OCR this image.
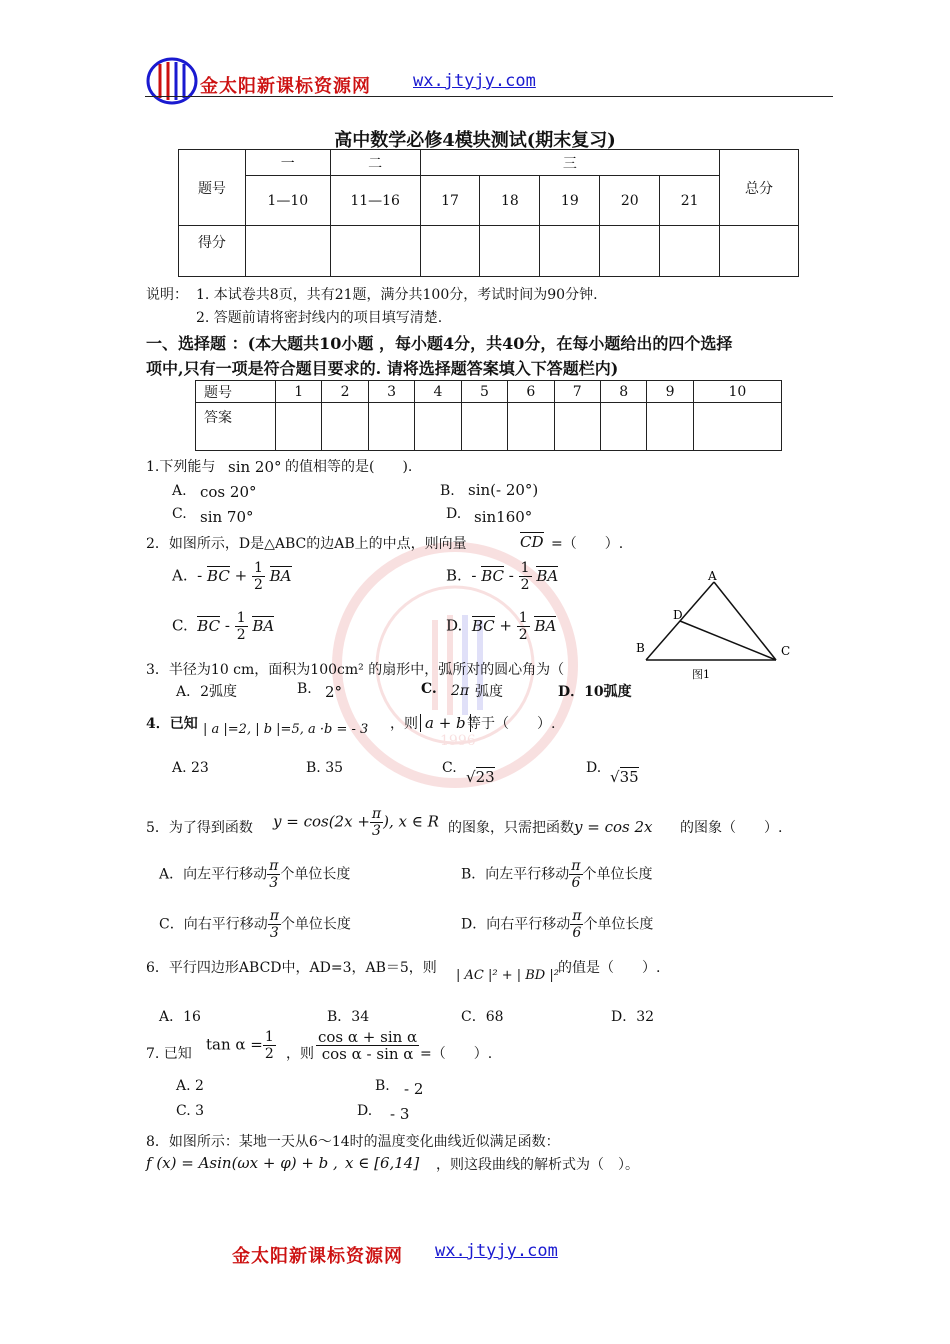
金太阳新课标资源网 wx.jtyjy.com
1996
高中数学必修4模块测试(期末复习)
题号	一	二	三					总分
	1—10	11—16	17	18	19	20	21	
得分								
说明： 1. 本试卷共8页，共有21题，满分共100分，考试时间为90分钟.
2. 答题前请将密封线内的项目填写清楚.
一、选择题 ：(本大题共10小题 ，每小题4分，共40分，在每小题给出的四个选择
项中,只有一项是符合题目要求的. 请将选择题答案填入下答题栏内)
题号	1	2	3	4	5	6	7	8	9	10
答案										
1.下列能与 sin 20° 的值相等的是(　　).
A. cos 20°	B. sin(- 20°)
C. sin 70°	D. sin160°
2．如图所示，D是△ABC的边AB上的中点，则向量	CD =（　　）.
A. - BC + $\frac{1}{2}$ BA	B. - BC - $\frac{1}{2}$ BA
C. BC - $\frac{1}{2}$ BA	D. BC + $\frac{1}{2}$ BA
A
D
B	C
图1
3．半径为10 cm，面积为100cm² 的扇形中，弧所对的圆心角为（
A．2弧度	B. 2°	C. 2π 弧度	D．10弧度
4．已知 | a |=2, | b |=5, a ·b = - 3 ，则 a + b 等于（　　）.
A. 23	B. 35	C. √23	D. √35
5．为了得到函数 $y = \cos(2x + \frac{\pi}{3}$ ), x ∈ R 的图象，只需把函数 y = cos 2x 的图象（　　）.
A．向左平行移动 $\frac{\pi}{3}$ 个单位长度	B．向左平行移动 $\frac{\pi}{6}$ 个单位长度
C．向右平行移动 $\frac{\pi}{3}$ 个单位长度	D．向右平行移动 $\frac{\pi}{6}$ 个单位长度
6．平行四边形ABCD中，AD=3，AB＝5，则 | AC |² + | BD |² 的值是（　　）.
A．16	B．34	C．68	D．32
7. 已知
$\tan \alpha = \frac{1}{2}$ ，则 $\frac{\text{cos α + sin α}}{\text{cos α - sin α}}$ =（　　）.
A. 2	B. - 2
C. 3	D. - 3
8．如图所示：某地一天从6～14时的温度变化曲线近似满足函数：
f (x) = Asin(ωx + φ) + b , x ∈ [6,14] ，则这段曲线的解析式为（　）。
金太阳新课标资源网 wx.jtyjy.com
